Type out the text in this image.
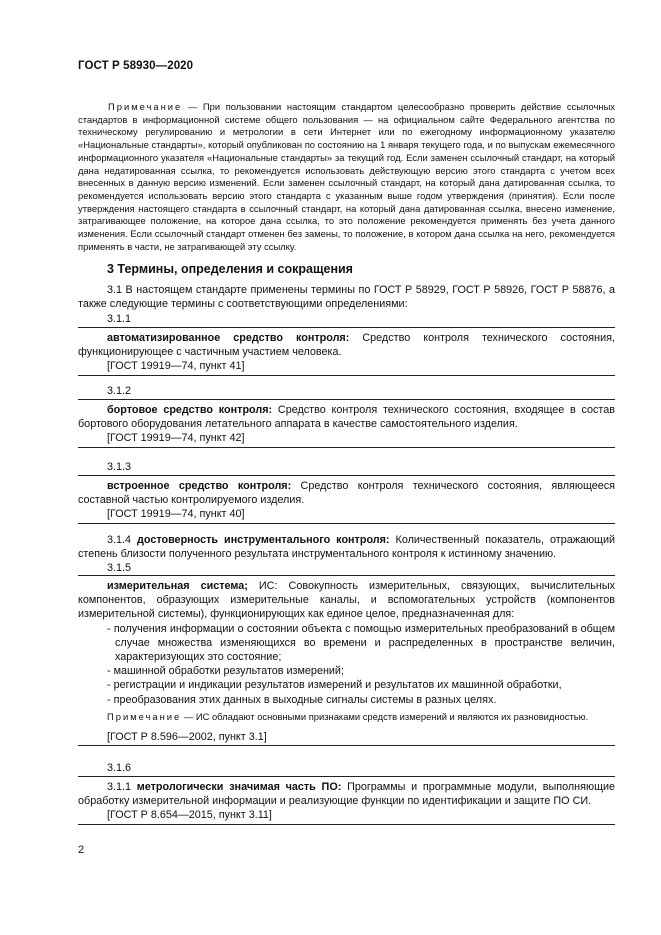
ГОСТ Р 58930—2020
Примечание — При пользовании настоящим стандартом целесообразно проверить действие ссылочных стандартов в информационной системе общего пользования — на официальном сайте Федерального агентства по техническому регулированию и метрологии в сети Интернет или по ежегодному информационному указателю «Национальные стандарты», который опубликован по состоянию на 1 января текущего года, и по выпускам ежемесячного информационного указателя «Национальные стандарты» за текущий год. Если заменен ссылочный стандарт, на который дана недатированная ссылка, то рекомендуется использовать действующую версию этого стандарта с учетом всех внесенных в данную версию изменений. Если заменен ссылочный стандарт, на который дана датированная ссылка, то рекомендуется использовать версию этого стандарта с указанным выше годом утверждения (принятия). Если после утверждения настоящего стандарта в ссылочный стандарт, на который дана датированная ссылка, внесено изменение, затрагивающее положение, на которое дана ссылка, то это положение рекомендуется применять без учета данного изменения. Если ссылочный стандарт отменен без замены, то положение, в котором дана ссылка на него, рекомендуется применять в части, не затрагивающей эту ссылку.
3 Термины, определения и сокращения
3.1 В настоящем стандарте применены термины по ГОСТ Р 58929, ГОСТ Р 58926, ГОСТ Р 58876, а также следующие термины с соответствующими определениями:
3.1.1
автоматизированное средство контроля: Средство контроля технического состояния, функционирующее с частичным участием человека.
[ГОСТ 19919—74, пункт 41]
3.1.2
бортовое средство контроля: Средство контроля технического состояния, входящее в состав бортового оборудования летательного аппарата в качестве самостоятельного изделия.
[ГОСТ 19919—74, пункт 42]
3.1.3
встроенное средство контроля: Средство контроля технического состояния, являющееся составной частью контролируемого изделия.
[ГОСТ 19919—74, пункт 40]
3.1.4 достоверность инструментального контроля: Количественный показатель, отражающий степень близости полученного результата инструментального контроля к истинному значению.
3.1.5
измерительная система; ИС: Совокупность измерительных, связующих, вычислительных компонентов, образующих измерительные каналы, и вспомогательных устройств (компонентов измерительной системы), функционирующих как единое целое, предназначенная для:
- получения информации о состоянии объекта с помощью измерительных преобразований в общем случае множества изменяющихся во времени и распределенных в пространстве величин, характеризующих это состояние;
- машинной обработки результатов измерений;
- регистрации и индикации результатов измерений и результатов их машинной обработки,
- преобразования этих данных в выходные сигналы системы в разных целях.
Примечание — ИС обладают основными признаками средств измерений и являются их разновидностью.
[ГОСТ Р 8.596—2002, пункт 3.1]
3.1.6
3.1.1 метрологически значимая часть ПО: Программы и программные модули, выполняющие обработку измерительной информации и реализующие функции по идентификации и защите ПО СИ.
[ГОСТ Р 8.654—2015, пункт 3.11]
2
